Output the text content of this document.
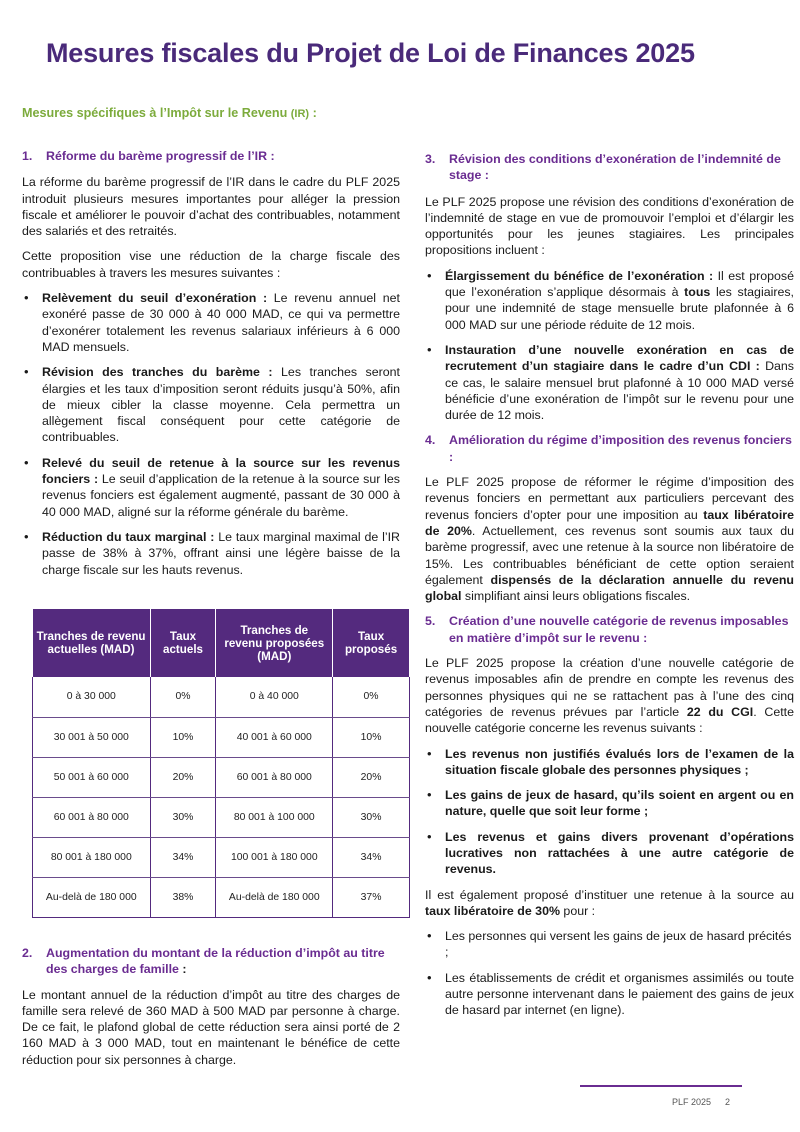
Mesures fiscales du Projet de Loi de Finances 2025
Mesures spécifiques à l’Impôt sur le Revenu (IR) :
1.	Réforme du barème progressif de l’IR :

La réforme du barème progressif de l’IR dans le cadre du PLF 2025 introduit plusieurs mesures importantes pour alléger la pression fiscale et améliorer le pouvoir d’achat des contribuables, notamment des salariés et des retraités.

Cette proposition vise une réduction de la charge fiscale des contribuables à travers les mesures suivantes :

• Relèvement du seuil d’exonération : Le revenu annuel net exonéré passe de 30 000 à 40 000 MAD, ce qui va permettre d’exonérer totalement les revenus salariaux inférieurs à 6 000 MAD mensuels.
• Révision des tranches du barème : Les tranches seront élargies et les taux d’imposition seront réduits jusqu’à 50%, afin de mieux cibler la classe moyenne. Cela permettra un allègement fiscal conséquent pour cette catégorie de contribuables.
• Relevé du seuil de retenue à la source sur les revenus fonciers : Le seuil d’application de la retenue à la source sur les revenus fonciers est également augmenté, passant de 30 000 à 40 000 MAD, aligné sur la réforme générale du barème.
• Réduction du taux marginal : Le taux marginal maximal de l’IR passe de 38% à 37%, offrant ainsi une légère baisse de la charge fiscale sur les hauts revenus.
Tranches de revenu actuelles (MAD)	Taux actuels	Tranches de revenu proposées (MAD)	Taux proposés
0 à 30 000	0%	0 à 40 000	0%
30 001 à 50 000	10%	40 001 à 60 000	10%
50 001 à 60 000	20%	60 001 à 80 000	20%
60 001 à 80 000	30%	80 001 à 100 000	30%
80 001 à 180 000	34%	100 001 à 180 000	34%
Au-delà de 180 000	38%	Au-delà de 180 000	37%
2.	Augmentation du montant de la réduction d’impôt au titre des charges de famille :

Le montant annuel de la réduction d’impôt au titre des charges de famille sera relevé de 360 MAD à 500 MAD par personne à charge. De ce fait, le plafond global de cette réduction sera ainsi porté de 2 160 MAD à 3 000 MAD, tout en maintenant le bénéfice de cette réduction pour six personnes à charge.

3.	Révision des conditions d’exonération de l’indemnité de stage :

Le PLF 2025 propose une révision des conditions d’exonération de l’indemnité de stage en vue de promouvoir l’emploi et d’élargir les opportunités pour les jeunes stagiaires. Les principales propositions incluent :

• Élargissement du bénéfice de l’exonération : Il est proposé que l’exonération s’applique désormais à tous les stagiaires, pour une indemnité de stage mensuelle brute plafonnée à 6 000 MAD sur une période réduite de 12 mois.
• Instauration d’une nouvelle exonération en cas de recrutement d’un stagiaire dans le cadre d’un CDI : Dans ce cas, le salaire mensuel brut plafonné à 10 000 MAD versé bénéficie d’une exonération de l’impôt sur le revenu pour une durée de 12 mois.
4.	Amélioration du régime d’imposition des revenus fonciers :

Le PLF 2025 propose de réformer le régime d’imposition des revenus fonciers en permettant aux particuliers percevant des revenus fonciers d’opter pour une imposition au taux libératoire de 20%. Actuellement, ces revenus sont soumis aux taux du barème progressif, avec une retenue à la source non libératoire de 15%. Les contribuables bénéficiant de cette option seraient également dispensés de la déclaration annuelle du revenu global simplifiant ainsi leurs obligations fiscales.

5.	Création d’une nouvelle catégorie de revenus imposables en matière d’impôt sur le revenu :

Le PLF 2025 propose la création d’une nouvelle catégorie de revenus imposables afin de prendre en compte les revenus des personnes physiques qui ne se rattachent pas à l’une des cinq catégories de revenus prévues par l’article 22 du CGI. Cette nouvelle catégorie concerne les revenus suivants :

• Les revenus non justifiés évalués lors de l’examen de la situation fiscale globale des personnes physiques ;
• Les gains de jeux de hasard, qu’ils soient en argent ou en nature, quelle que soit leur forme ;
• Les revenus et gains divers provenant d’opérations lucratives non rattachées à une autre catégorie de revenus.

Il est également proposé d’instituer une retenue à la source au taux libératoire de 30% pour :

• Les personnes qui versent les gains de jeux de hasard précités ;
• Les établissements de crédit et organismes assimilés ou toute autre personne intervenant dans le paiement des gains de jeux de hasard par internet (en ligne).
PLF 2025 2
